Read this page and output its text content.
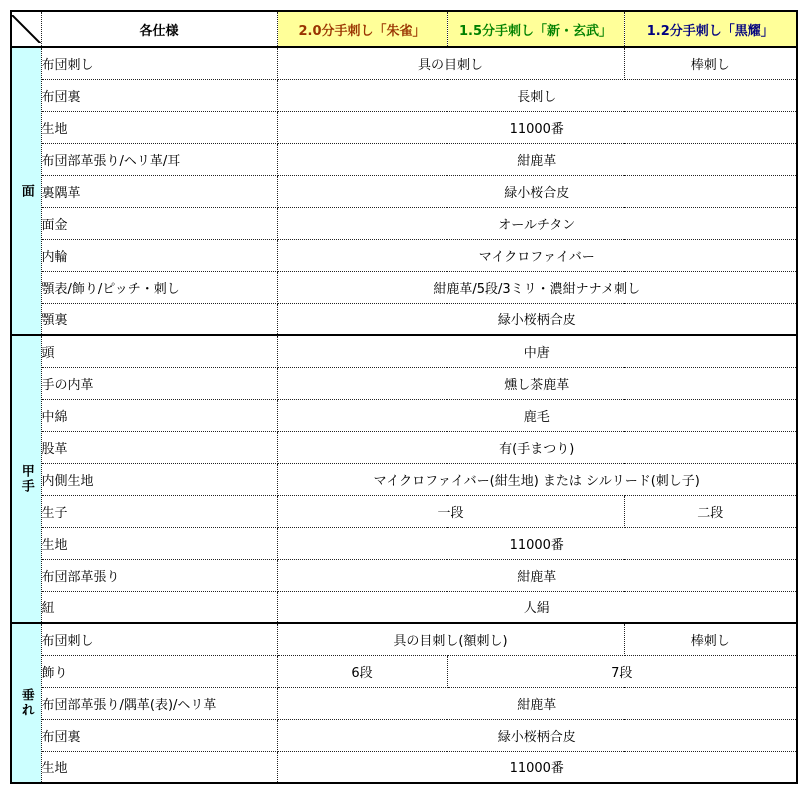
	各仕様	2.0分手刺し「朱雀」	1.5分手刺し「新・玄武」	1.2分手刺し「黒耀」
面	布団刺し	具の目刺し		棒刺し
	布団裏	長刺し		
	生地	11000番		
	布団部革張り/ヘリ革/耳	紺鹿革		
	裏隅革	緑小桜合皮		
	面金	オールチタン		
	内輪	マイクロファイバー		
	顎表/飾り/ピッチ・刺し	紺鹿革/5段/3ミリ・濃紺ナナメ刺し		
	顎裏	緑小桜柄合皮		
甲手	頭	中唐		
	手の内革	燻し茶鹿革		
	中綿	鹿毛		
	股革	有(手まつり)		
	内側生地	マイクロファイバー(紺生地) または シルリード(刺し子)		
	生子	一段		二段
	生地	11000番		
	布団部革張り	紺鹿革		
	紐	人絹		
垂れ	布団刺し	具の目刺し(額刺し)		棒刺し
	飾り	6段	7段	
	布団部革張り/隅革(表)/ヘリ革	紺鹿革		
	布団裏	緑小桜柄合皮		
	生地	11000番		
